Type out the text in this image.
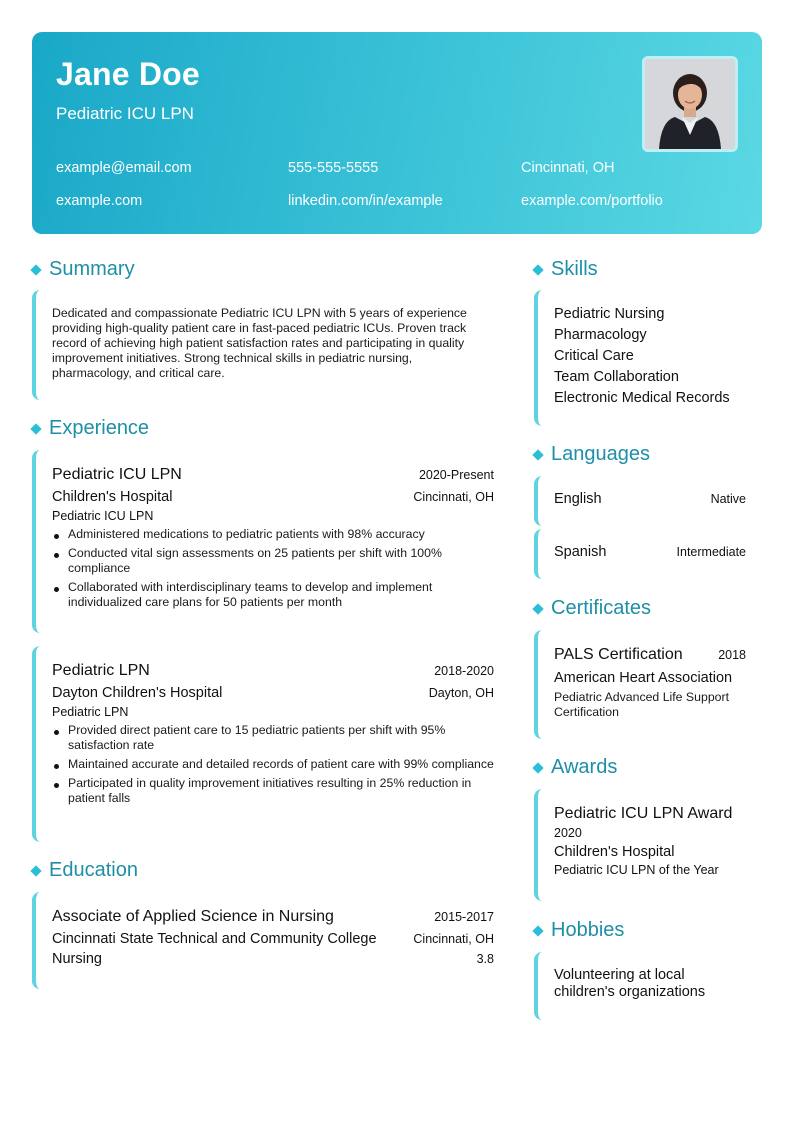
Jane Doe
Pediatric ICU LPN
example@email.com	555-555-5555	Cincinnati, OH
example.com	linkedin.com/in/example	example.com/portfolio
Summary
Dedicated and compassionate Pediatric ICU LPN with 5 years of experience providing high-quality patient care in fast-paced pediatric ICUs. Proven track record of achieving high patient satisfaction rates and participating in quality improvement initiatives. Strong technical skills in pediatric nursing, pharmacology, and critical care.
Experience
Pediatric ICU LPN	2020-Present
Children's Hospital	Cincinnati, OH
Pediatric ICU LPN
Administered medications to pediatric patients with 98% accuracy
Conducted vital sign assessments on 25 patients per shift with 100% compliance
Collaborated with interdisciplinary teams to develop and implement individualized care plans for 50 patients per month
Pediatric LPN	2018-2020
Dayton Children's Hospital	Dayton, OH
Pediatric LPN
Provided direct patient care to 15 pediatric patients per shift with 95% satisfaction rate
Maintained accurate and detailed records of patient care with 99% compliance
Participated in quality improvement initiatives resulting in 25% reduction in patient falls
Education
Associate of Applied Science in Nursing	2015-2017
Cincinnati State Technical and Community College	Cincinnati, OH
Nursing	3.8
Skills
Pediatric Nursing
Pharmacology
Critical Care
Team Collaboration
Electronic Medical Records
Languages
English	Native
Spanish	Intermediate
Certificates
PALS Certification	2018
American Heart Association
Pediatric Advanced Life Support Certification
Awards
Pediatric ICU LPN Award
2020
Children's Hospital
Pediatric ICU LPN of the Year
Hobbies
Volunteering at local children's organizations
